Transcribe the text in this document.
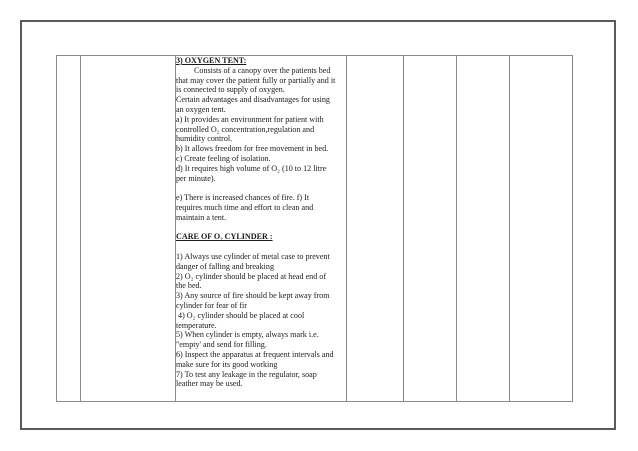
3) OXYGEN TENT:
Consists of a canopy over the patients bed
that may cover the patient fully or partially and it
is connected to supply of oxygen.
Certain advantages and disadvantages for using
an oxygen tent.
a) It provides an environment for patient with
controlled O₂ concentration,regulation and
humidity control.
b) It allows freedom for free movement in bed.
c) Create feeling of isolation.
d) It requires high volume of O₂ (10 to 12 litre
per minute).
e) There is increased chances of fire. f) It
requires much time and effort to clean and
maintain a tent.
CARE OF O₂ CYLINDER :
1) Always use cylinder of metal case to prevent
danger of falling and breaking
2) O₂ cylinder should be placed at head end of
the bed.
3) Any source of fire should be kept away from
cylinder for fear of fir
4) O₂ cylinder should be placed at cool
temperature.
5) When cylinder is empty, always mark i.e.
"empty' and send for filling.
6) Inspect the apparatus at frequent intervals and
make sure for its good working
7) To test any leakage in the regulator, soap
leather may be used.
